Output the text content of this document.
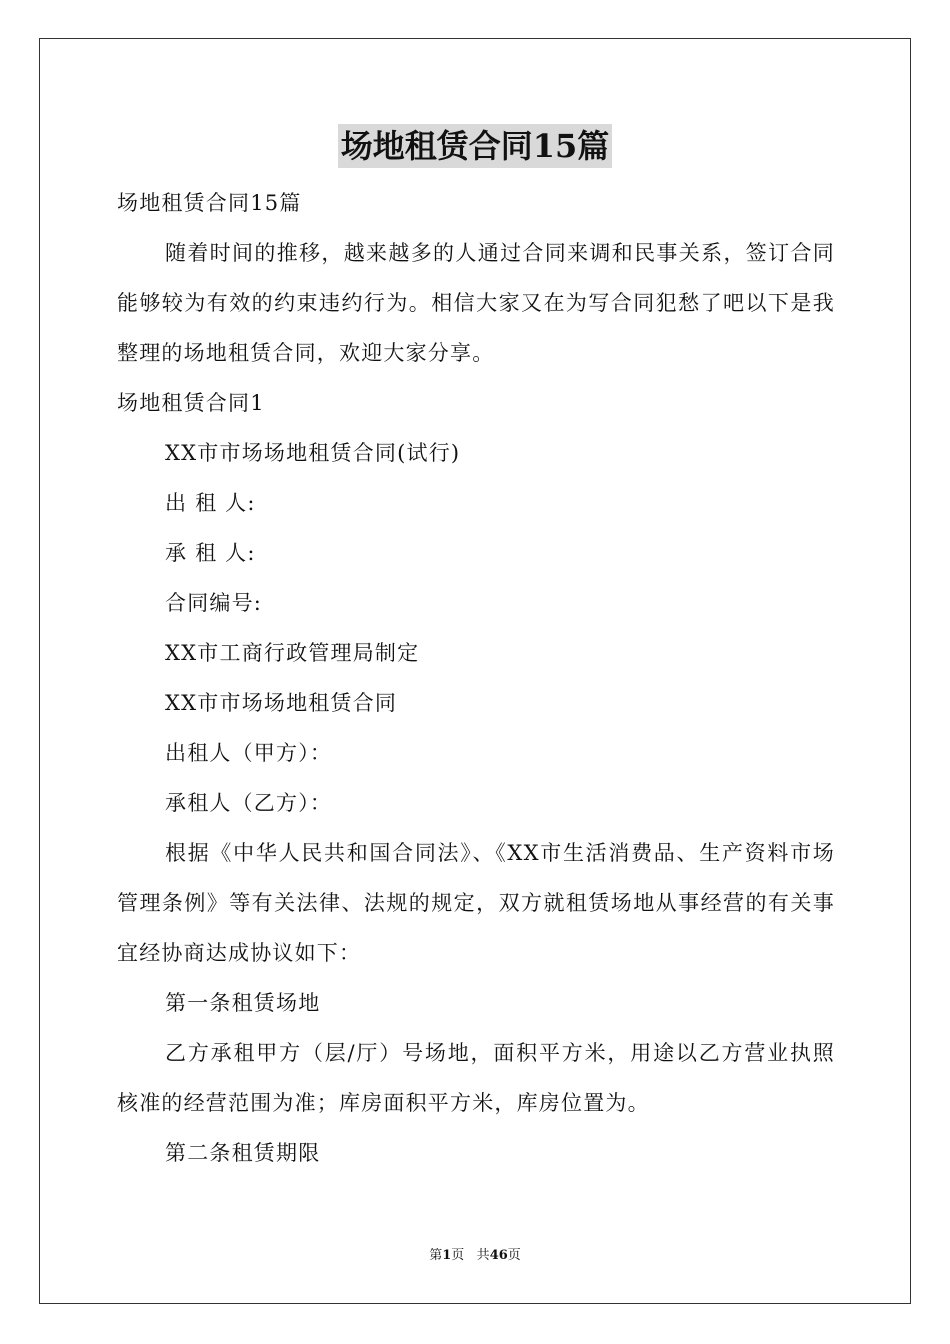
场地租赁合同15篇

场地租赁合同15篇

随着时间的推移，越来越多的人通过合同来调和民事关系，签订合同能够较为有效的约束违约行为。相信大家又在为写合同犯愁了吧以下是我整理的场地租赁合同，欢迎大家分享。

场地租赁合同1

XX市市场场地租赁合同(试行)

出 租 人:

承 租 人:

合同编号:

XX市工商行政管理局制定

XX市市场场地租赁合同

出租人（甲方）：

承租人（乙方）：

根据《中华人民共和国合同法》、《XX市生活消费品、生产资料市场管理条例》等有关法律、法规的规定，双方就租赁场地从事经营的有关事宜经协商达成协议如下：

第一条租赁场地

乙方承租甲方（层/厅）号场地，面积平方米，用途以乙方营业执照核准的经营范围为准；库房面积平方米，库房位置为。

第二条租赁期限

第1页 共46页
